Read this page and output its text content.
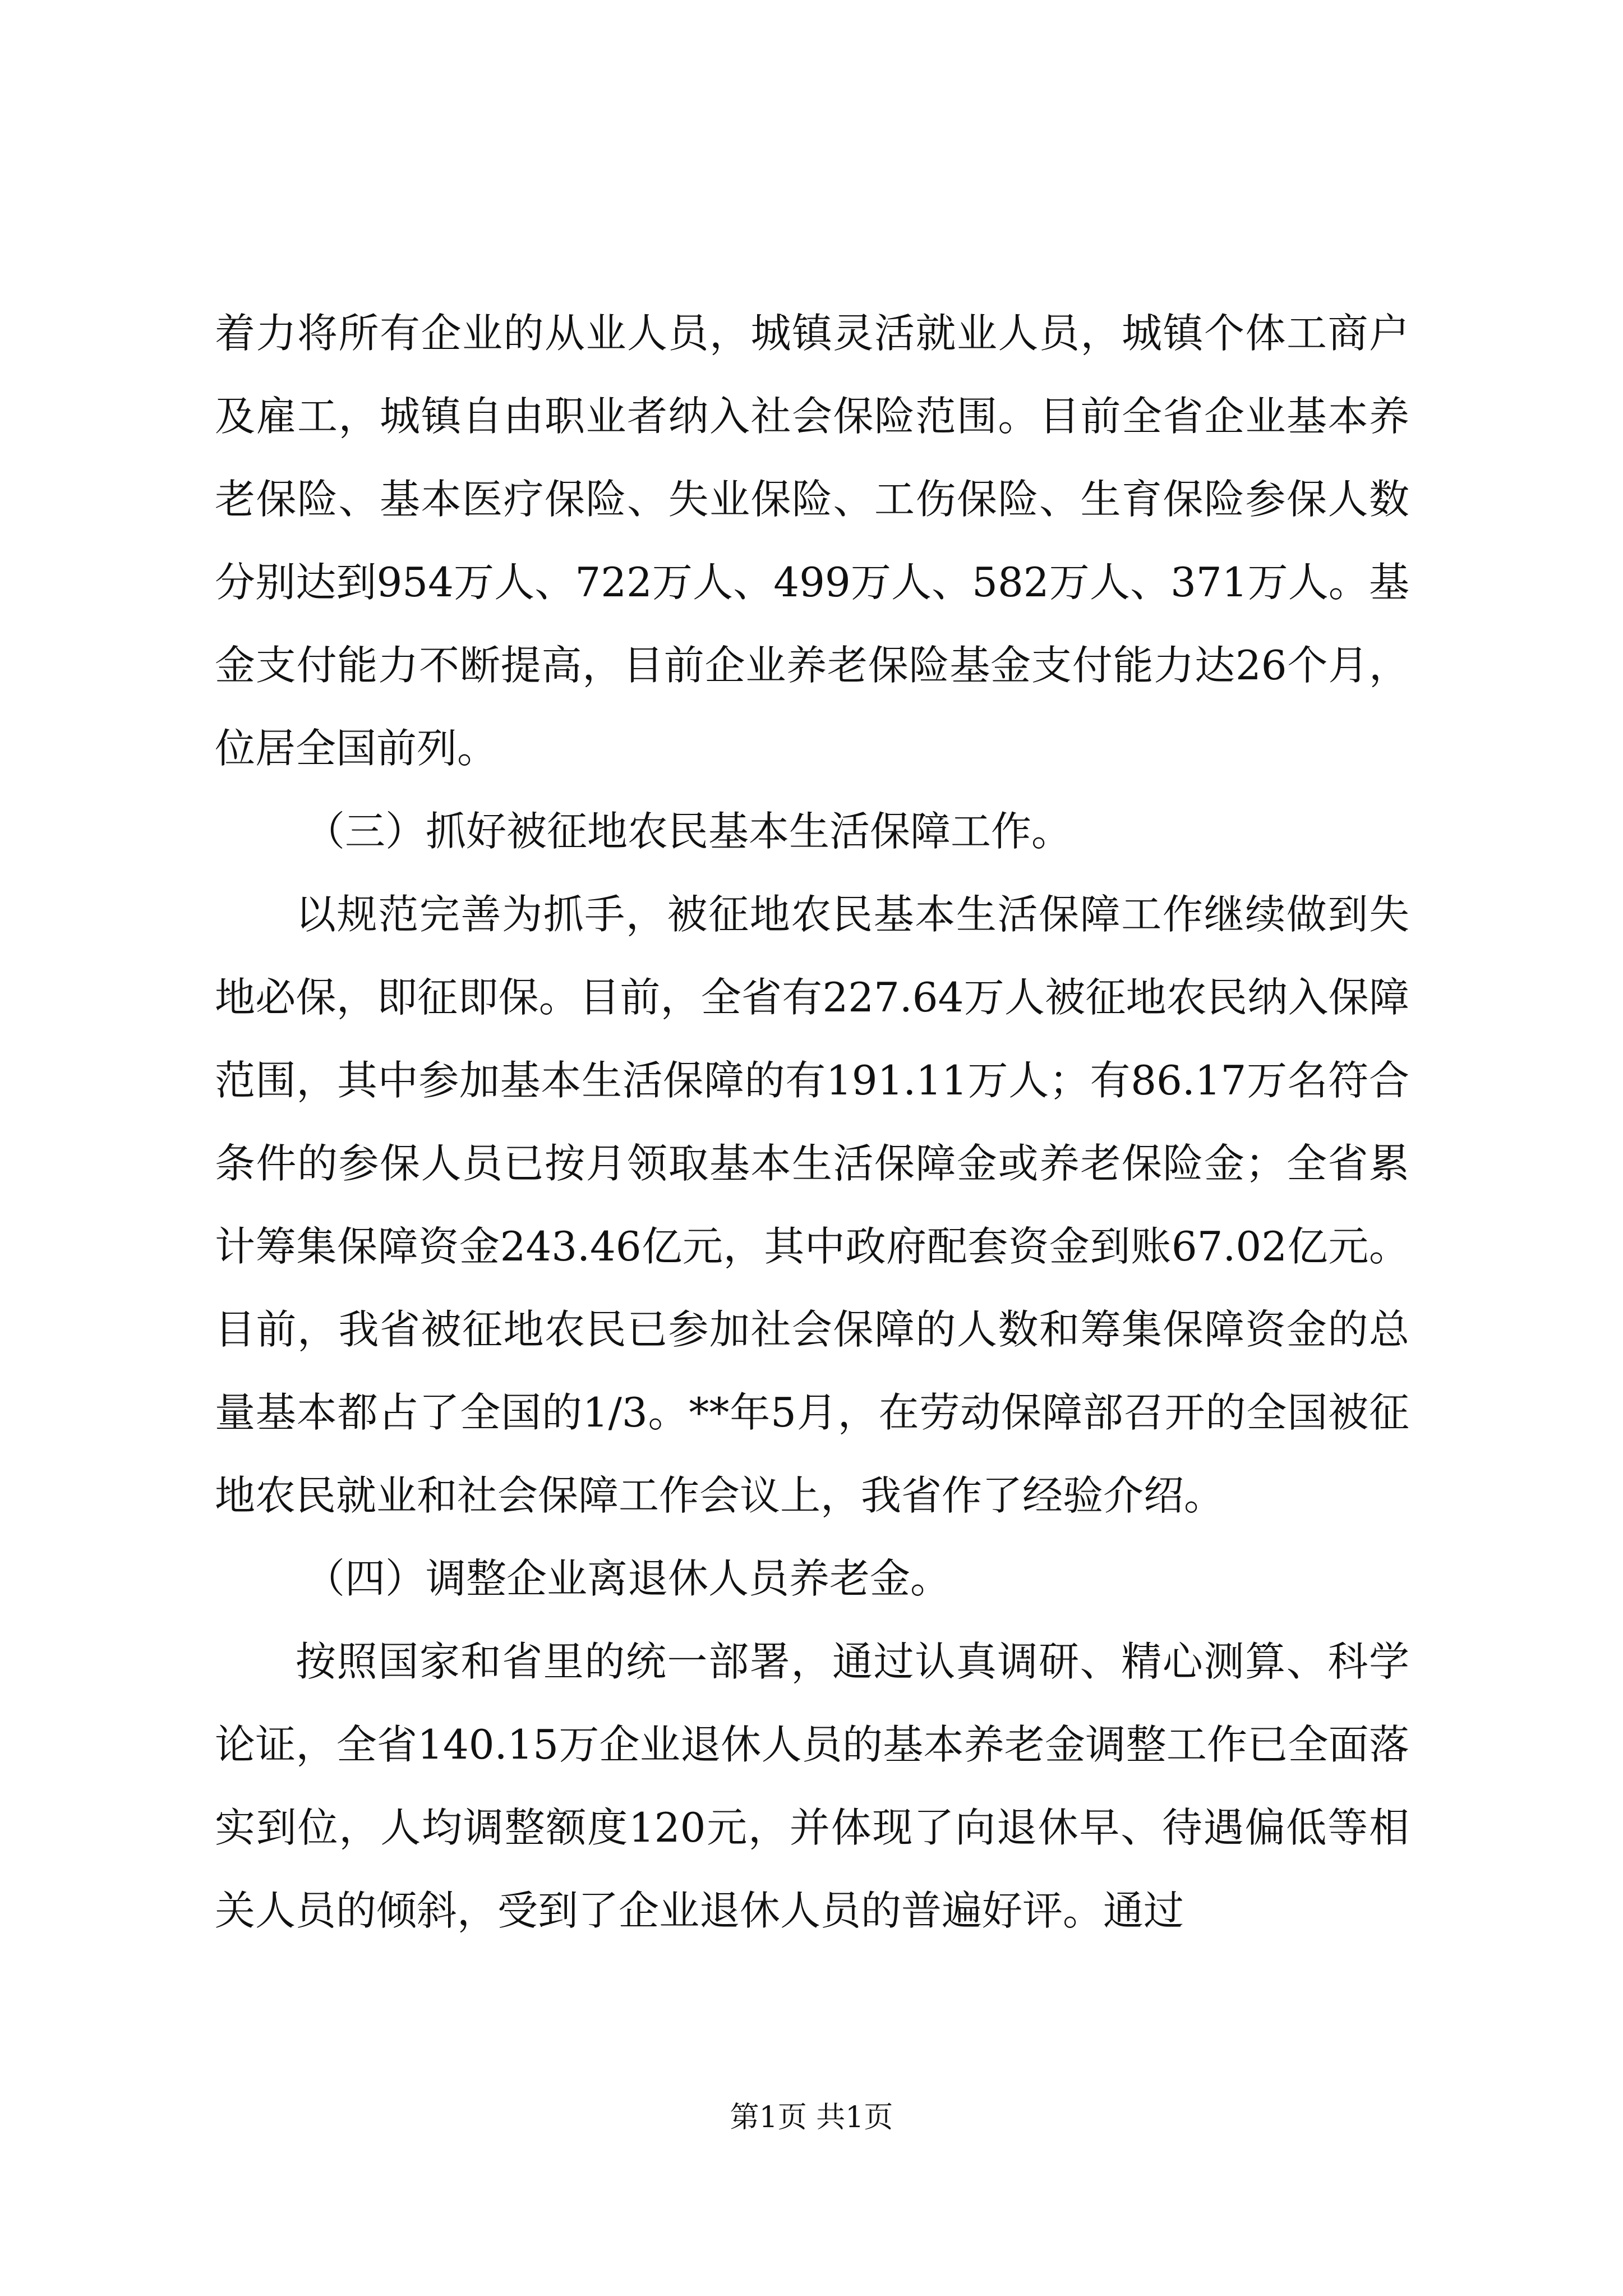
着力将所有企业的从业人员，城镇灵活就业人员，城镇个体工商户及雇工，城镇自由职业者纳入社会保险范围。目前全省企业基本养老保险、基本医疗保险、失业保险、工伤保险、生育保险参保人数分别达到954万人、722万人、499万人、582万人、371万人。基金支付能力不断提高，目前企业养老保险基金支付能力达26个月，位居全国前列。

（三）抓好被征地农民基本生活保障工作。

以规范完善为抓手，被征地农民基本生活保障工作继续做到失地必保，即征即保。目前，全省有227.64万人被征地农民纳入保障范围，其中参加基本生活保障的有191.11万人；有86.17万名符合条件的参保人员已按月领取基本生活保障金或养老保险金；全省累计筹集保障资金243.46亿元，其中政府配套资金到账67.02亿元。目前，我省被征地农民已参加社会保障的人数和筹集保障资金的总量基本都占了全国的1/3。**年5月，在劳动保障部召开的全国被征地农民就业和社会保障工作会议上，我省作了经验介绍。

（四）调整企业离退休人员养老金。

按照国家和省里的统一部署，通过认真调研、精心测算、科学论证，全省140.15万企业退休人员的基本养老金调整工作已全面落实到位，人均调整额度120元，并体现了向退休早、待遇偏低等相关人员的倾斜，受到了企业退休人员的普遍好评。通过

第1页 共1页
